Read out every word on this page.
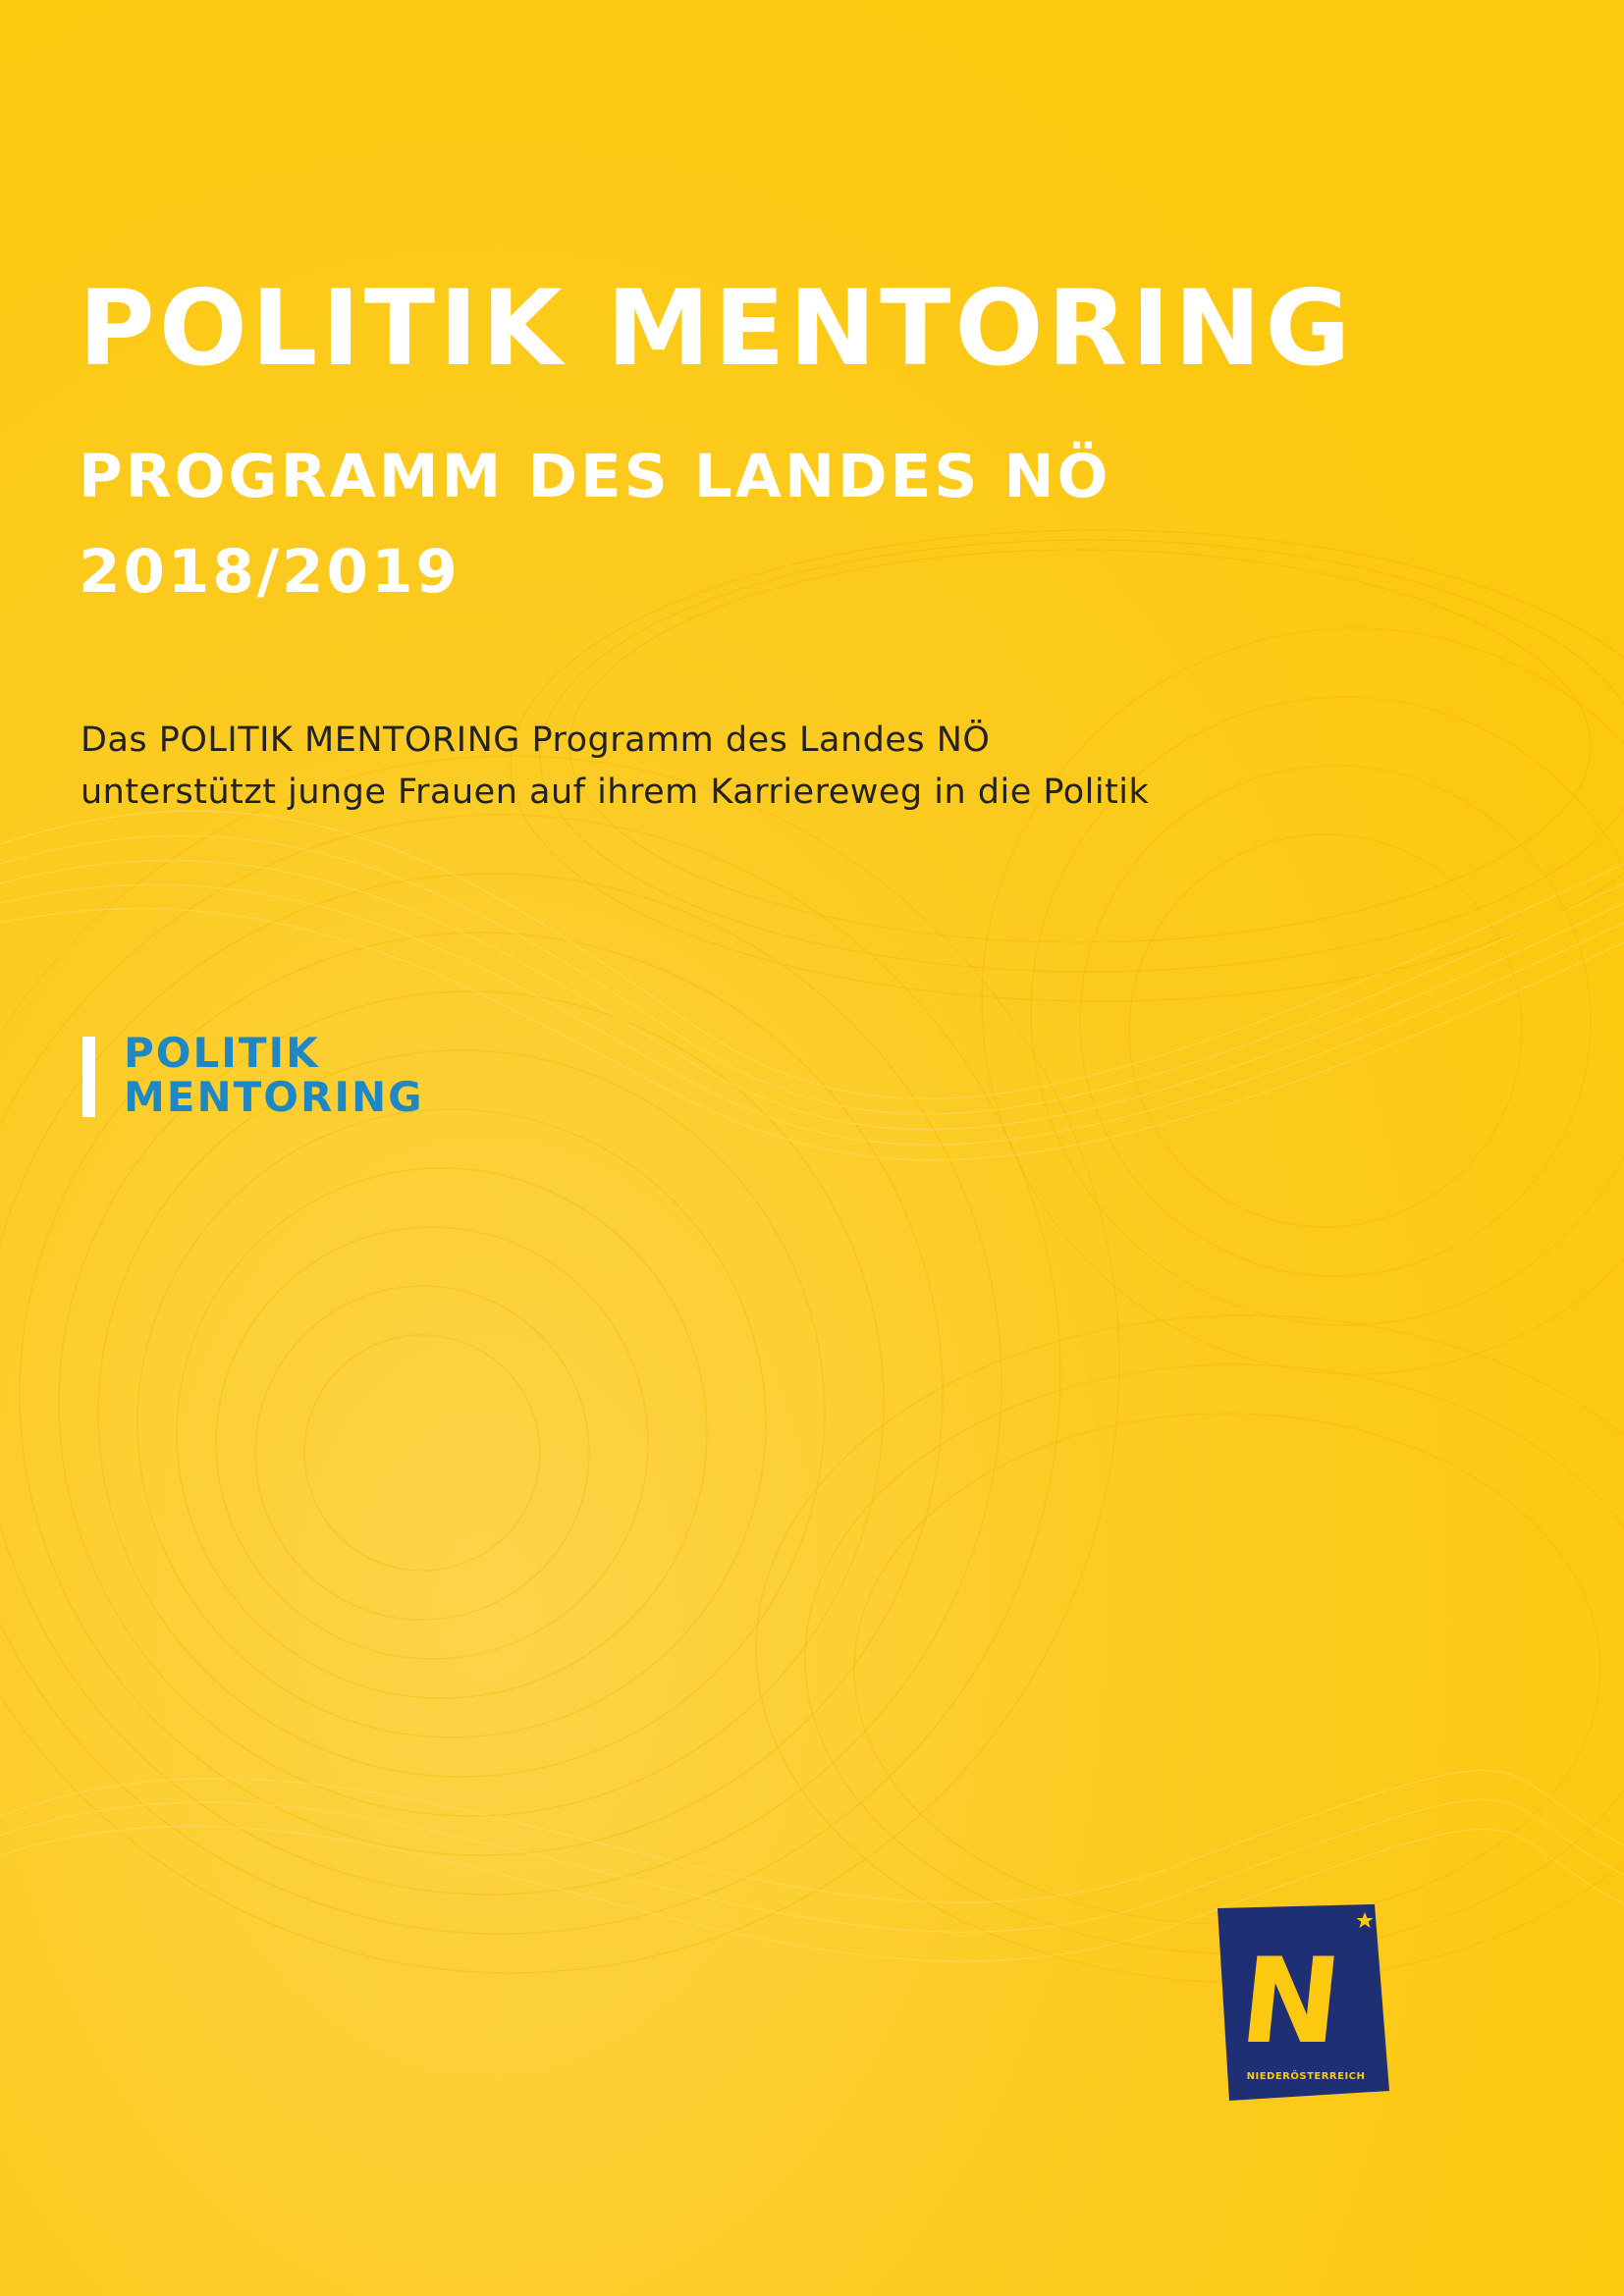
POLITIK MENTORING
PROGRAMM DES LANDES NÖ
2018/2019

Das POLITIK MENTORING Programm des Landes NÖ
unterstützt junge Frauen auf ihrem Karriereweg in die Politik

POLITIK
MENTORING

N
NIEDERÖSTERREICH
